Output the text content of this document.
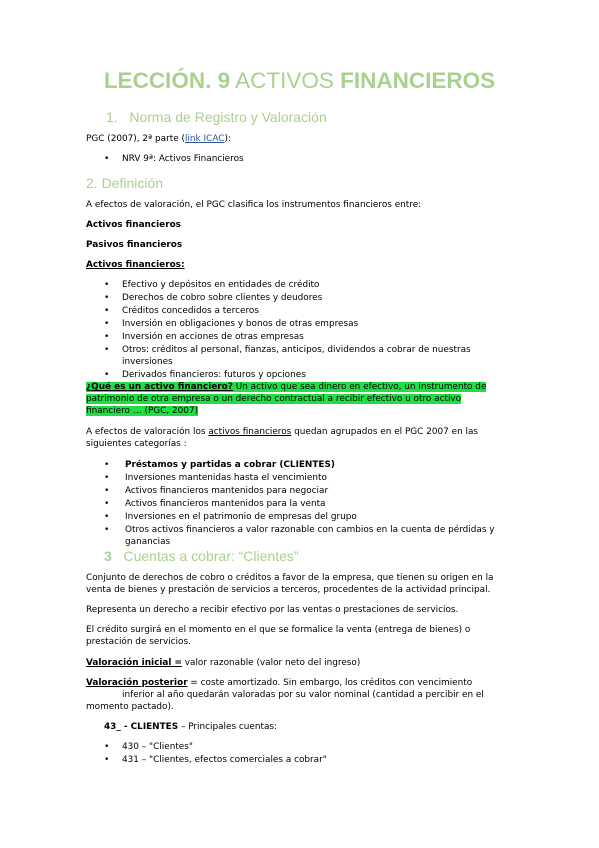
LECCIÓN. 9 ACTIVOS FINANCIEROS
1. Norma de Registro y Valoración
PGC (2007), 2ª parte (link ICAC):
• NRV 9ª: Activos Financieros
2. Definición
A efectos de valoración, el PGC clasifica los instrumentos financieros entre:
Activos financieros
Pasivos financieros
Activos financieros:
• Efectivo y depósitos en entidades de crédito
• Derechos de cobro sobre clientes y deudores
• Créditos concedidos a terceros
• Inversión en obligaciones y bonos de otras empresas
• Inversión en acciones de otras empresas
• Otros: créditos al personal, fianzas, anticipos, dividendos a cobrar de nuestras
inversiones
• Derivados financieros: futuros y opciones
¿Qué es un activo financiero? Un activo que sea dinero en efectivo, un instrumento de
patrimonio de otra empresa o un derecho contractual a recibir efectivo u otro activo
financiero … (PGC, 2007)
A efectos de valoración los activos financieros quedan agrupados en el PGC 2007 en las
siguientes categorías :
• Préstamos y partidas a cobrar (CLIENTES)
• Inversiones mantenidas hasta el vencimiento
• Activos financieros mantenidos para negociar
• Activos financieros mantenidos para la venta
• Inversiones en el patrimonio de empresas del grupo
• Otros activos financieros a valor razonable con cambios en la cuenta de pérdidas y
ganancias
3 Cuentas a cobrar: “Clientes”
Conjunto de derechos de cobro o créditos a favor de la empresa, que tienen su origen en la
venta de bienes y prestación de servicios a terceros, procedentes de la actividad principal.
Representa un derecho a recibir efectivo por las ventas o prestaciones de servicios.
El crédito surgirá en el momento en el que se formalice la venta (entrega de bienes) o
prestación de servicios.
Valoración inicial = valor razonable (valor neto del ingreso)
Valoración posterior = coste amortizado. Sin embargo, los créditos con vencimiento
inferior al año quedarán valoradas por su valor nominal (cantidad a percibir en el
momento pactado).
43_ - CLIENTES – Principales cuentas:
• 430 – "Clientes"
• 431 – "Clientes, efectos comerciales a cobrar"
